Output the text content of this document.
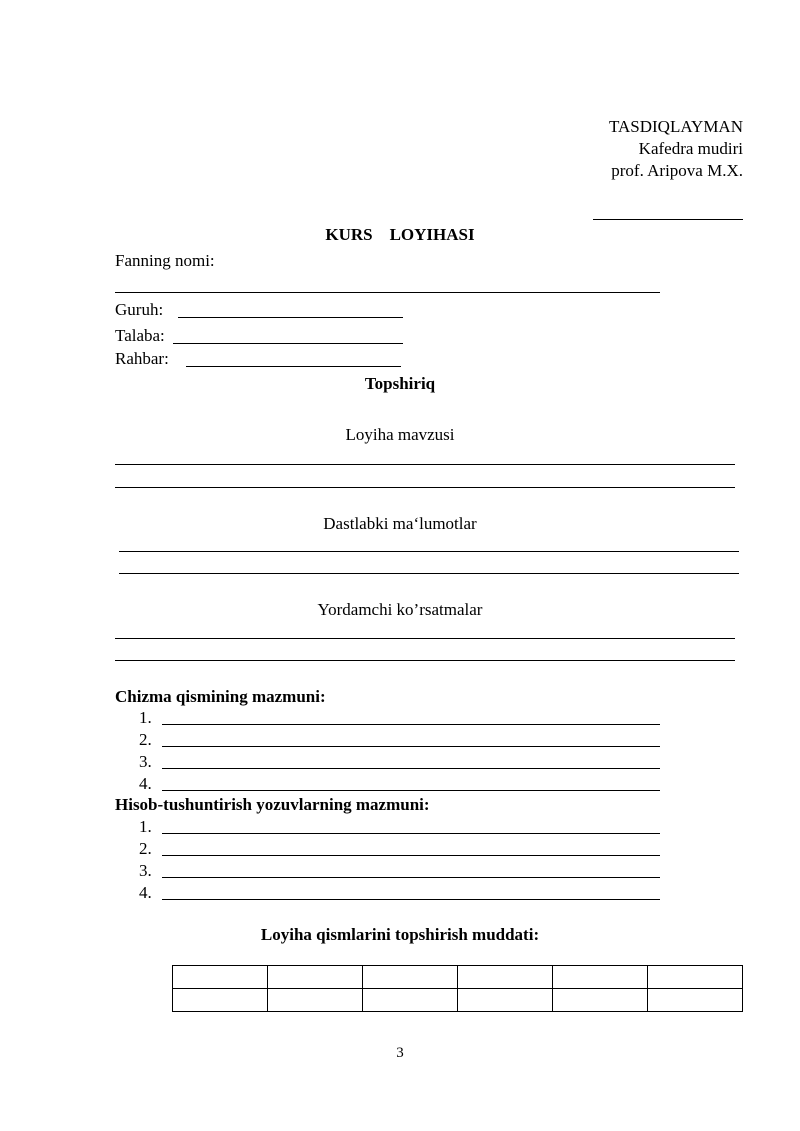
TASDIQLAYMAN
Kafedra mudiri
prof. Aripova M.X.
KURS    LOYIHASI
Fanning nomi:
Guruh:
Talaba:
Rahbar:
Topshiriq
Loyiha mavzusi
Dastlabki ma‘lumotlar
Yordamchi ko’rsatmalar
Chizma qismining mazmuni:
1.
2.
3.
4.
Hisob-tushuntirish yozuvlarning mazmuni:
1.
2.
3.
4.
Loyiha qismlarini topshirish muddati:

3
